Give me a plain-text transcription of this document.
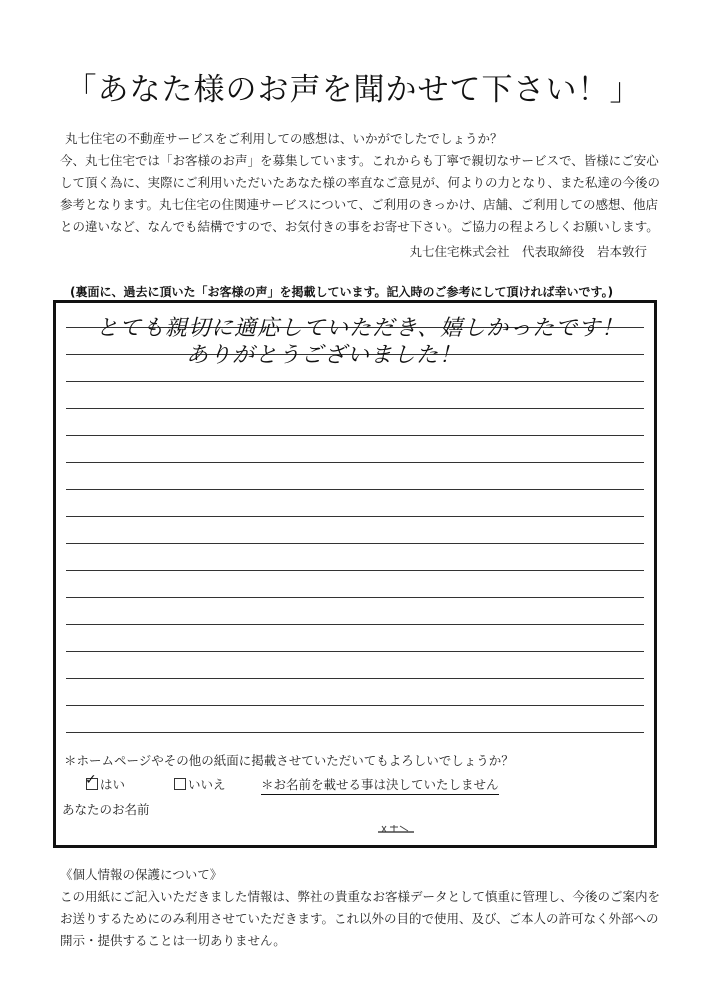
「あなた様のお声を聞かせて下さい！」

丸七住宅の不動産サービスをご利用しての感想は、いかがでしたでしょうか？

今、丸七住宅では「お客様のお声」を募集しています。これからも丁寧で親切なサービスで、皆様にご安心

して頂く為に、実際にご利用いただいたあなた様の率直なご意見が、何よりの力となり、また私達の今後の

参考となります。丸七住宅の住関連サービスについて、ご利用のきっかけ、店舗、ご利用しての感想、他店

との違いなど、なんでも結構ですので、お気付きの事をお寄せ下さい。ご協力の程よろしくお願いします。

丸七住宅株式会社　代表取締役　岩本敦行
(裏面に、過去に頂いた「お客様の声」を掲載しています。記入時のご参考にして頂ければ幸いです。)
とても親切に適応していただき、嬉しかったです！
ありがとうございました！
＊ホームページやその他の紙面に掲載させていただいてもよろしいでしょうか？
✓ はい	いいえ	＊お名前を載せる事は決していたしません
あなたのお名前

《個人情報の保護について》

この用紙にご記入いただきました情報は、弊社の貴重なお客様データとして慎重に管理し、今後のご案内を

お送りするためにのみ利用させていただきます。これ以外の目的で使用、及び、ご本人の許可なく外部への

開示・提供することは一切ありません。
